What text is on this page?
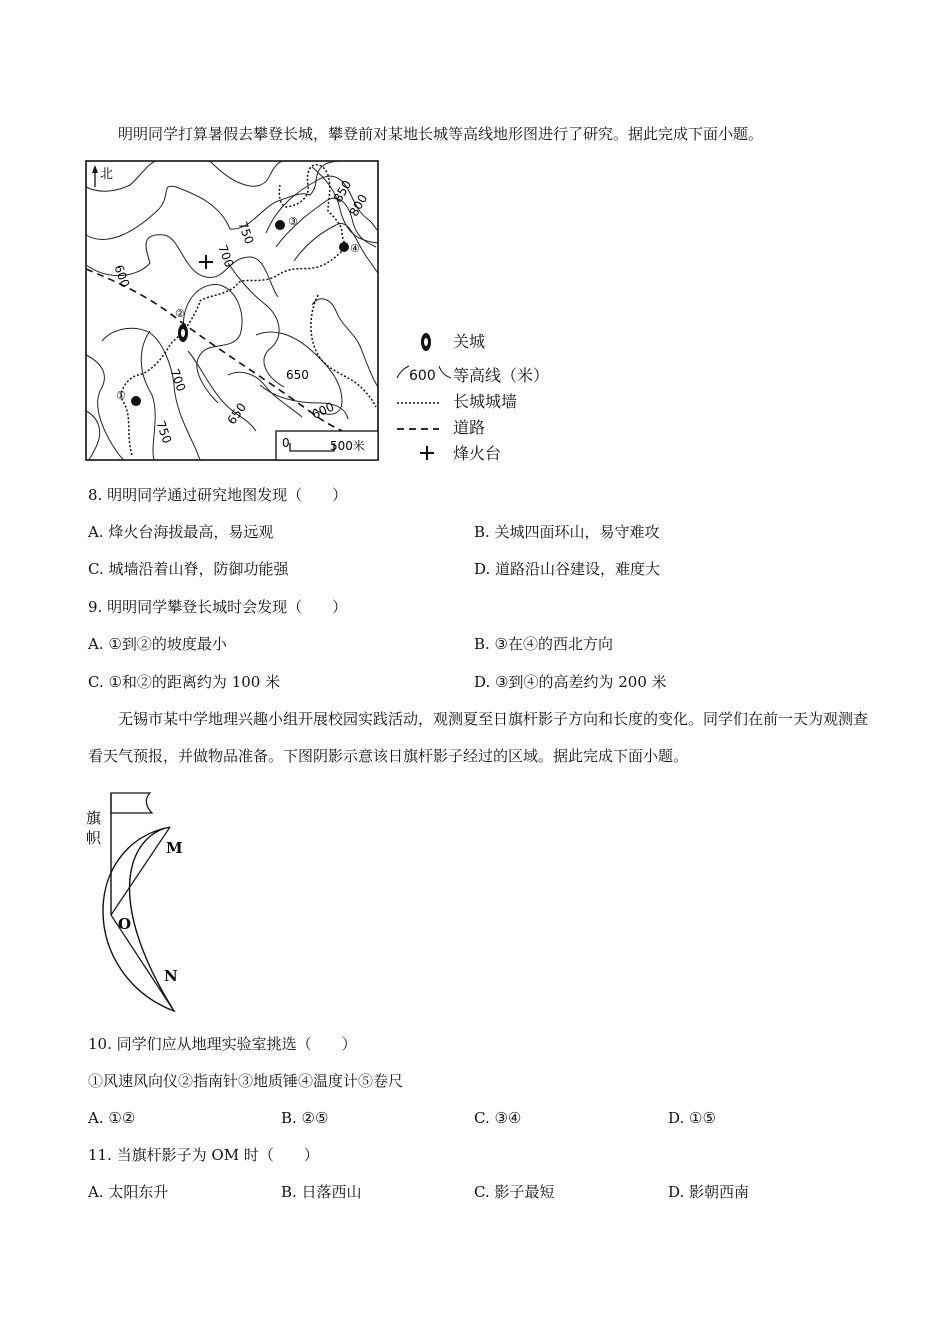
明明同学打算暑假去攀登长城，攀登前对某地长城等高线地形图进行了研究。据此完成下面小题。
北
①
②
③
④
850
800
750
700
600
650
700
650	600
750	0	500米
关城
600 等高线（米）
长城城墙
道路
烽火台
8. 明明同学通过研究地图发现（　　）
A. 烽火台海拔最高，易远观	B. 关城四面环山，易守难攻
C. 城墙沿着山脊，防御功能强	D. 道路沿山谷建设，难度大
9. 明明同学攀登长城时会发现（　　）
A. ①到②的坡度最小	B. ③在④的西北方向
C. ①和②的距离约为 100 米	D. ③到④的高差约为 200 米
无锡市某中学地理兴趣小组开展校园实践活动，观测夏至日旗杆影子方向和长度的变化。同学们在前一天为观测查看天气预报，并做物品准备。下图阴影示意该日旗杆影子经过的区域。据此完成下面小题。
旗
帜
M
O
N
10. 同学们应从地理实验室挑选（　　）
①风速风向仪②指南针③地质锤④温度计⑤卷尺
A. ①②	B. ②⑤	C. ③④	D. ①⑤
11. 当旗杆影子为 OM 时（　　）
A. 太阳东升	B. 日落西山	C. 影子最短	D. 影朝西南
